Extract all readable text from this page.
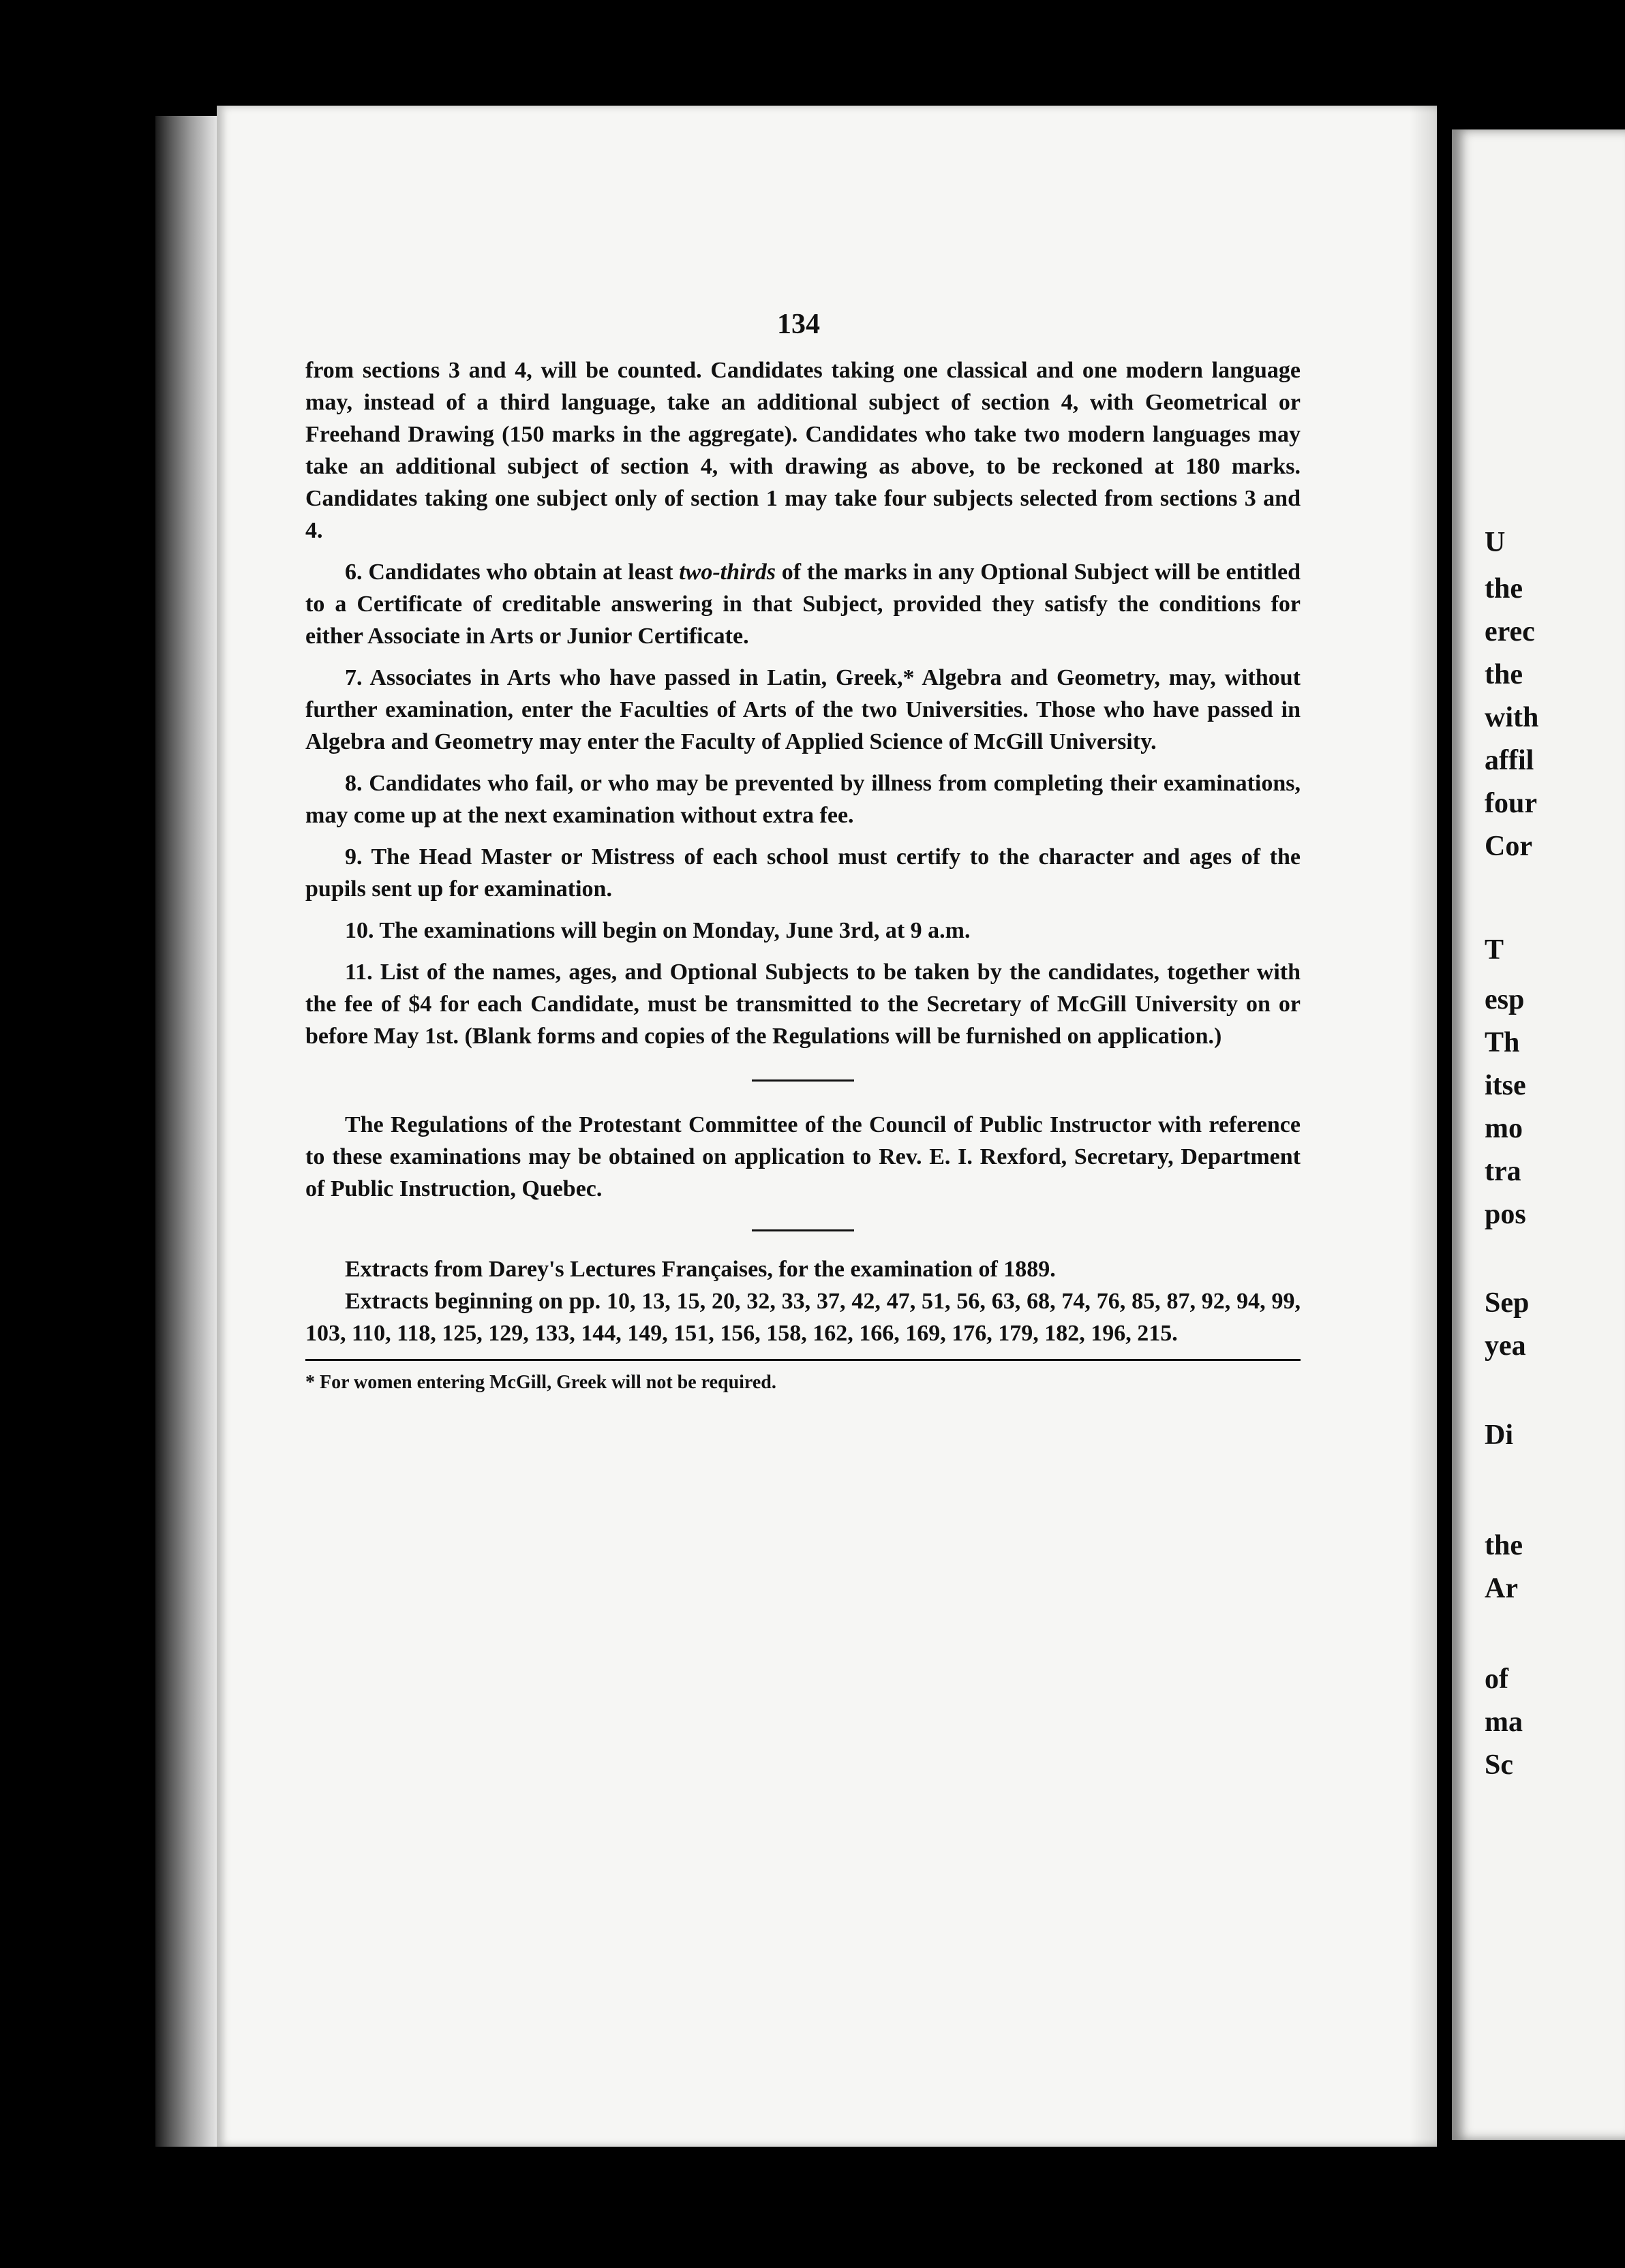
134

from sections 3 and 4, will be counted. Candidates taking one classical and one modern language may, instead of a third language, take an additional subject of section 4, with Geometrical or Freehand Drawing (150 marks in the aggregate). Candidates who take two modern languages may take an additional subject of section 4, with drawing as above, to be reckoned at 180 marks. Candidates taking one subject only of section 1 may take four subjects selected from sections 3 and 4.

6. Candidates who obtain at least two-thirds of the marks in any Optional Subject will be entitled to a Certificate of creditable answering in that Subject, provided they satisfy the conditions for either Associate in Arts or Junior Certificate.

7. Associates in Arts who have passed in Latin, Greek,* Algebra and Geometry, may, without further examination, enter the Faculties of Arts of the two Universities. Those who have passed in Algebra and Geometry may enter the Faculty of Applied Science of McGill University.

8. Candidates who fail, or who may be prevented by illness from completing their examinations, may come up at the next examination without extra fee.

9. The Head Master or Mistress of each school must certify to the character and ages of the pupils sent up for examination.

10. The examinations will begin on Monday, June 3rd, at 9 a.m.

11. List of the names, ages, and Optional Subjects to be taken by the candidates, together with the fee of $4 for each Candidate, must be transmitted to the Secretary of McGill University on or before May 1st. (Blank forms and copies of the Regulations will be furnished on application.)

The Regulations of the Protestant Committee of the Council of Public Instructor with reference to these examinations may be obtained on application to Rev. E. I. Rexford, Secretary, Department of Public Instruction, Quebec.

Extracts from Darey's Lectures Françaises, for the examination of 1889.

Extracts beginning on pp. 10, 13, 15, 20, 32, 33, 37, 42, 47, 51, 56, 63, 68, 74, 76, 85, 87, 92, 94, 99, 103, 110, 118, 125, 129, 133, 144, 149, 151, 156, 158, 162, 166, 169, 176, 179, 182, 196, 215.

* For women entering McGill, Greek will not be required.

U
the
erec
the
with
affil
four
Cor
T
esp
Th
itse
mo
tra
pos
Sep
yea
Di
the
Ar
of
ma
Sc
